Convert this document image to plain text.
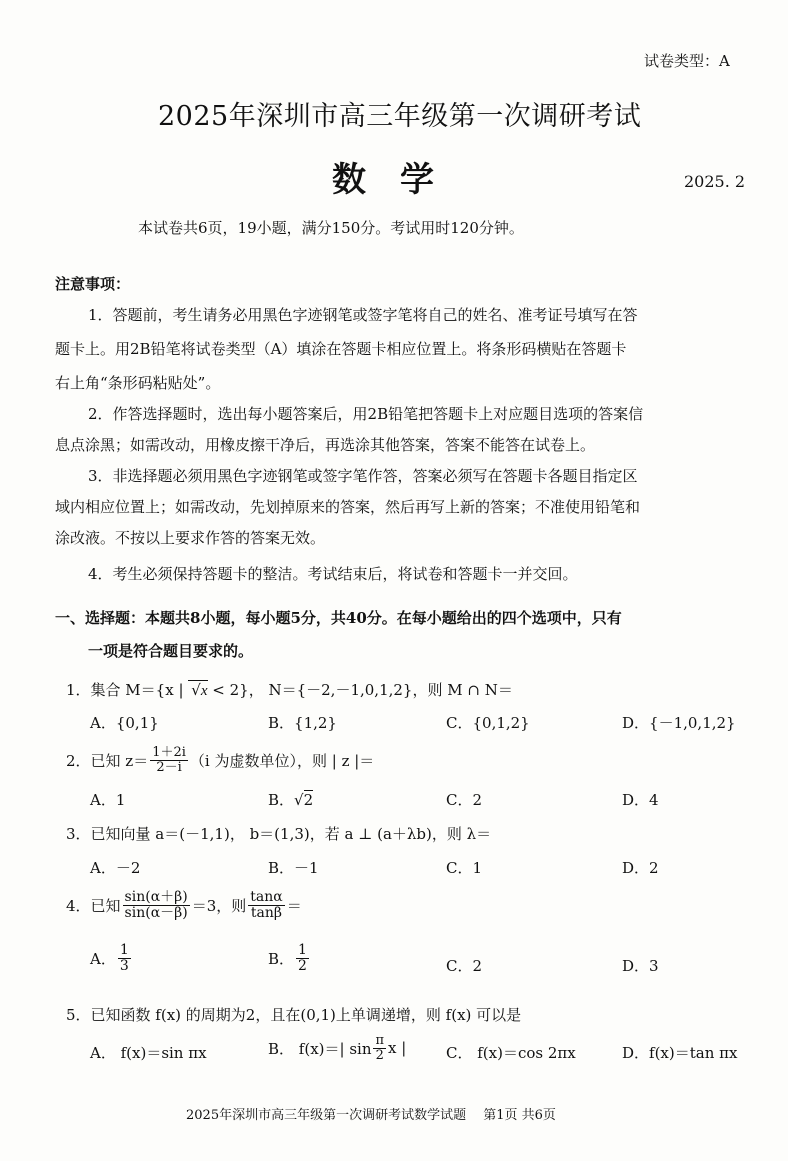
试卷类型：A
2025年深圳市高三年级第一次调研考试
数　学	2025. 2
本试卷共6页，19小题，满分150分。考试用时120分钟。
注意事项：
1．答题前，考生请务必用黑色字迹钢笔或签字笔将自己的姓名、准考证号填写在答
题卡上。用2B铅笔将试卷类型（A）填涂在答题卡相应位置上。将条形码横贴在答题卡
右上角“条形码粘贴处”。
2．作答选择题时，选出每小题答案后，用2B铅笔把答题卡上对应题目选项的答案信
息点涂黑；如需改动，用橡皮擦干净后，再选涂其他答案，答案不能答在试卷上。
3．非选择题必须用黑色字迹钢笔或签字笔作答，答案必须写在答题卡各题目指定区
域内相应位置上；如需改动，先划掉原来的答案，然后再写上新的答案；不准使用铅笔和
涂改液。不按以上要求作答的答案无效。
4．考生必须保持答题卡的整洁。考试结束后，将试卷和答题卡一并交回。
一、选择题：本题共8小题，每小题5分，共40分。在每小题给出的四个选项中，只有
一项是符合题目要求的。
1．集合 M＝{x | √x < 2}， N＝{－2,－1,0,1,2}，则 M ∩ N＝
A．{0,1}	B．{1,2}	C．{0,1,2}	D．{－1,0,1,2}
2．已知 $z= \frac{1+2i}{2-i} (i$ 为虚数单位），则 | z |＝
A．1	B．√2	C．2	D．4
3．已知向量 a＝(－1,1)， b＝(1,3)，若 a ⊥ (a＋λb)，则 λ＝
A．－2	B．－1	C．1	D．2
4．已知 $\frac{\sin(\alpha+\beta)}{\sin(\alpha-\beta)} =3$，则 $\frac{\tan\alpha}{\tan\beta}$ ＝
A． $\frac{1}{3}$	B． $\frac{1}{2}$	C．2	D．3
5．已知函数 f(x) 的周期为2，且在(0,1)上单调递增，则 f(x) 可以是
A． f(x)＝sin πx	B． f(x)＝| $\sin \frac{\pi}{2}$ x |	C． f(x)＝cos 2πx	D．f(x)＝tan πx
2025年深圳市高三年级第一次调研考试数学试题　 第1页 共6页
